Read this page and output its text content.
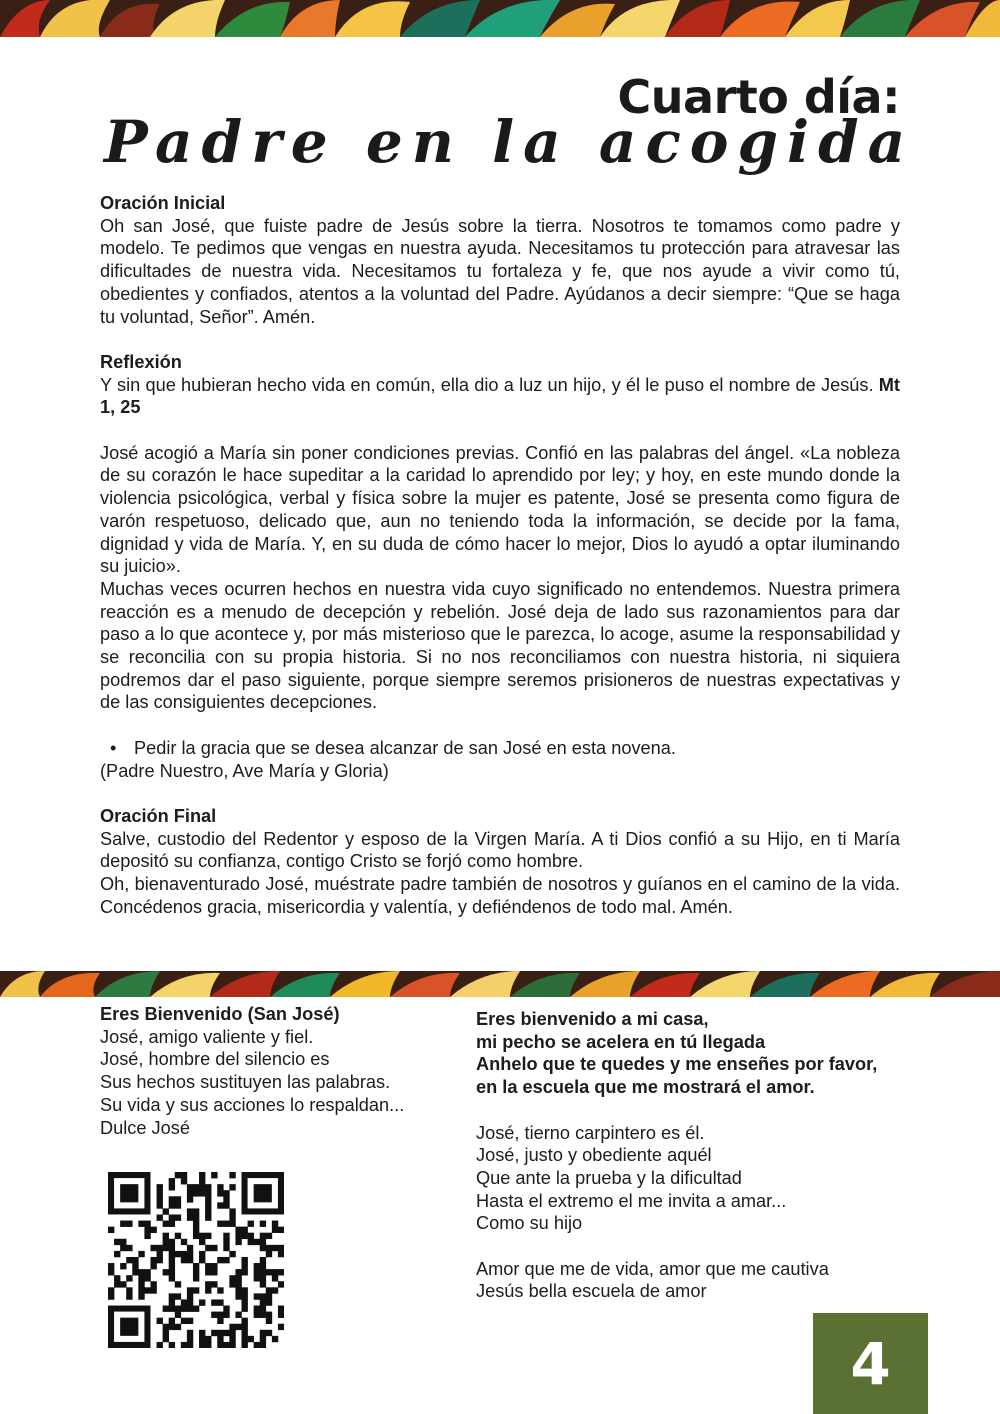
Cuarto día:
Padre en la acogida
Oración Inicial

Oh san José, que fuiste padre de Jesús sobre la tierra. Nosotros te tomamos como padre y modelo. Te pedimos que vengas en nuestra ayuda. Necesitamos tu protección para atravesar las dificultades de nuestra vida. Necesitamos tu fortaleza y fe, que nos ayude a vivir como tú, obedientes y confiados, atentos a la voluntad del Padre. Ayúdanos a decir siempre: “Que se haga tu voluntad, Señor”. Amén.

Reflexión

Y sin que hubieran hecho vida en común, ella dio a luz un hijo, y él le puso el nombre de Jesús. Mt 1, 25

José acogió a María sin poner condiciones previas. Confió en las palabras del ángel. «La nobleza de su corazón le hace supeditar a la caridad lo aprendido por ley; y hoy, en este mundo donde la violencia psicológica, verbal y física sobre la mujer es patente, José se presenta como figura de varón respetuoso, delicado que, aun no teniendo toda la información, se decide por la fama, dignidad y vida de María. Y, en su duda de cómo hacer lo mejor, Dios lo ayudó a optar iluminando su juicio».

Muchas veces ocurren hechos en nuestra vida cuyo significado no entendemos. Nuestra primera reacción es a menudo de decepción y rebelión. José deja de lado sus razonamientos para dar paso a lo que acontece y, por más misterioso que le parezca, lo acoge, asume la responsabilidad y se reconcilia con su propia historia. Si no nos reconciliamos con nuestra historia, ni siquiera podremos dar el paso siguiente, porque siempre seremos prisioneros de nuestras expectativas y de las consiguientes decepciones.

• Pedir la gracia que se desea alcanzar de san José en esta novena.

(Padre Nuestro, Ave María y Gloria)

Oración Final

Salve, custodio del Redentor y esposo de la Virgen María. A ti Dios confió a su Hijo, en ti María depositó su confianza, contigo Cristo se forjó como hombre.

Oh, bienaventurado José, muéstrate padre también de nosotros y guíanos en el camino de la vida. Concédenos gracia, misericordia y valentía, y defiéndenos de todo mal. Amén.

Eres Bienvenido (San José)
José, amigo valiente y fiel.
José, hombre del silencio es
Sus hechos sustituyen las palabras.
Su vida y sus acciones lo respaldan...
Dulce José
Eres bienvenido a mi casa,
mi pecho se acelera en tú llegada
Anhelo que te quedes y me enseñes por favor,
en la escuela que me mostrará el amor.
José, tierno carpintero es él.
José, justo y obediente aquél
Que ante la prueba y la dificultad
Hasta el extremo el me invita a amar...
Como su hijo
Amor que me de vida, amor que me cautiva
Jesús bella escuela de amor
4
